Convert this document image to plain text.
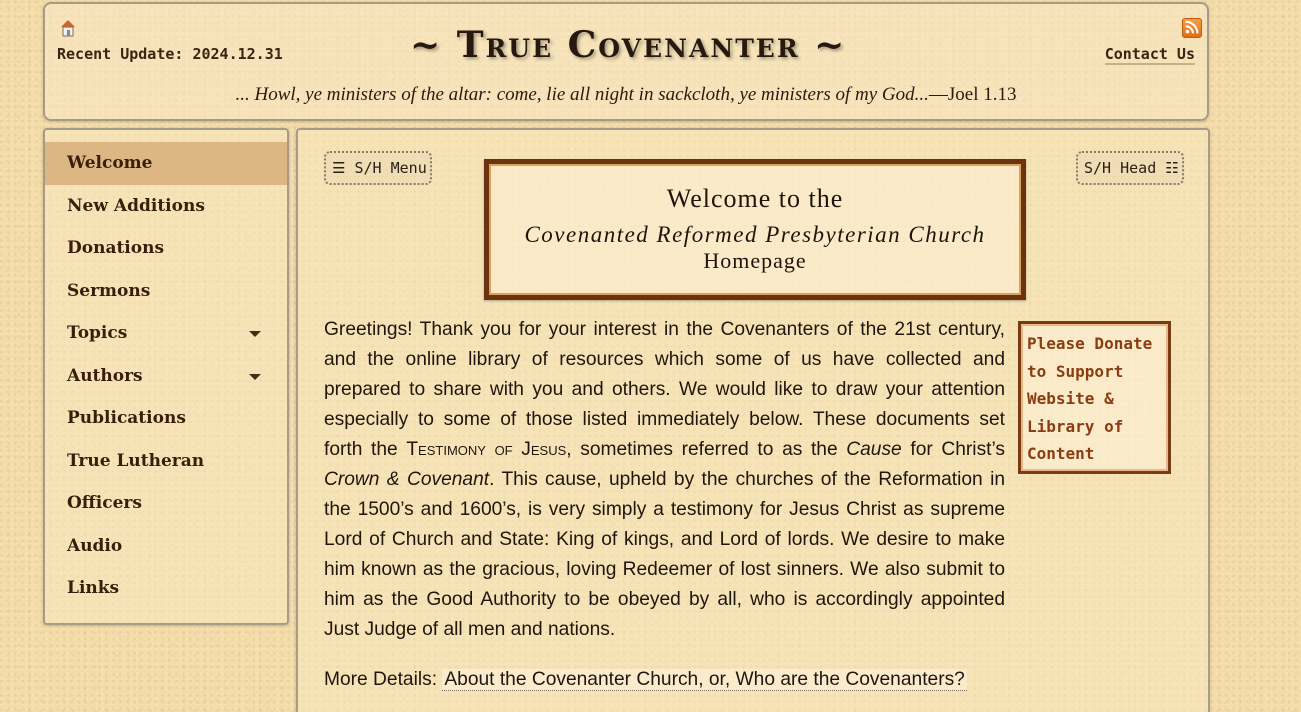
Recent Update: 2024.12.31	~ True Covenanter ~	Contact Us
... Howl, ye ministers of the altar: come, lie all night in sackcloth, ye ministers of my God...—Joel 1.13
Welcome
New Additions
Donations
Sermons
Topics
Authors
Publications
True Lutheran
Officers
Audio
Links
☰ S/H Menu	S/H Head ☷
Welcome to the
Covenanted Reformed Presbyterian Church
Homepage
Greetings! Thank you for your interest in the Covenanters of the 21st century, and the online library of resources which some of us have collected and prepared to share with you and others. We would like to draw your attention especially to some of those listed immediately below. These documents set forth the Testimony of Jesus, sometimes referred to as the Cause for Christ’s Crown & Covenant. This cause, upheld by the churches of the Reformation in the 1500’s and 1600’s, is very simply a testimony for Jesus Christ as supreme Lord of Church and State: King of kings, and Lord of lords. We desire to make him known as the gracious, loving Redeemer of lost sinners. We also submit to him as the Good Authority to be obeyed by all, who is accordingly appointed Just Judge of all men and nations.
Please Donate to Support Website & Library of Content
More Details: About the Covenanter Church, or, Who are the Covenanters?
